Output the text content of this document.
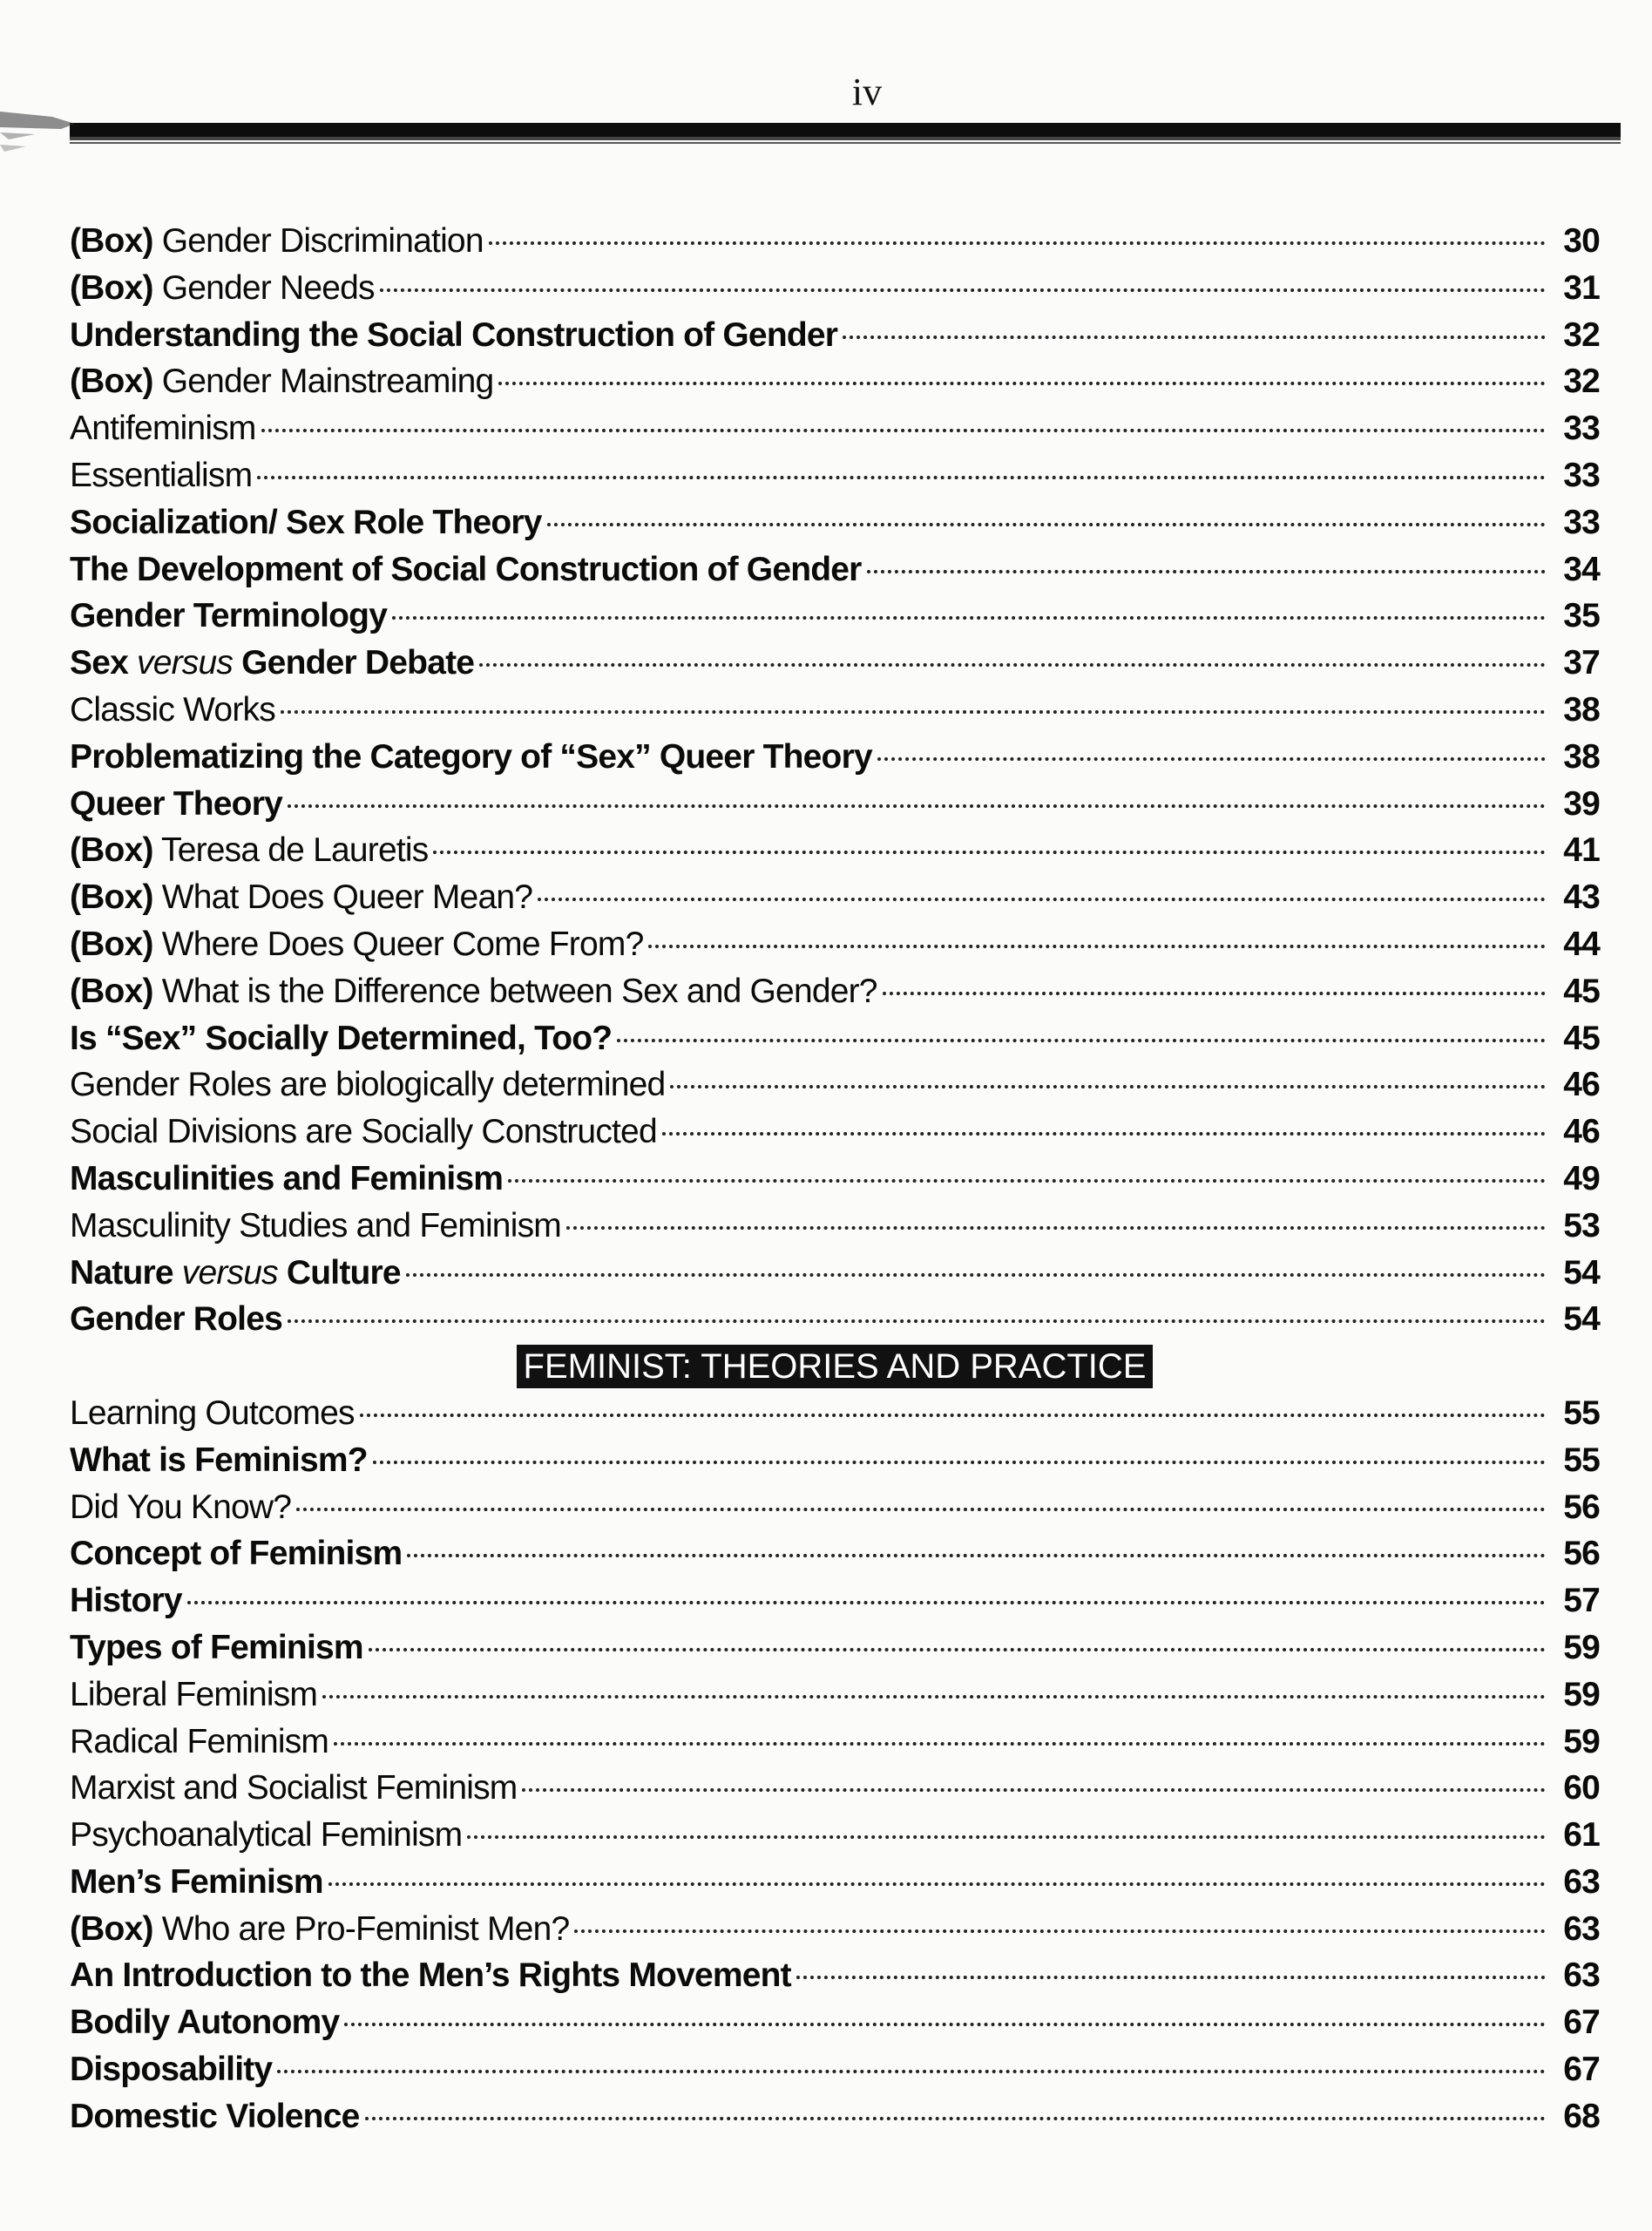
iv
(Box) Gender Discrimination	30
(Box) Gender Needs	31
Understanding the Social Construction of Gender	32
(Box) Gender Mainstreaming	32
Antifeminism	33
Essentialism	33
Socialization/ Sex Role Theory	33
The Development of Social Construction of Gender	34
Gender Terminology	35
Sex versus Gender Debate	37
Classic Works	38
Problematizing the Category of “Sex” Queer Theory	38
Queer Theory	39
(Box) Teresa de Lauretis	41
(Box) What Does Queer Mean?	43
(Box) Where Does Queer Come From?	44
(Box) What is the Difference between Sex and Gender?	45
Is “Sex” Socially Determined, Too?	45
Gender Roles are biologically determined	46
Social Divisions are Socially Constructed	46
Masculinities and Feminism	49
Masculinity Studies and Feminism	53
Nature versus Culture	54
Gender Roles	54
FEMINIST: THEORIES AND PRACTICE
Learning Outcomes	55
What is Feminism?	55
Did You Know?	56
Concept of Feminism	56
History	57
Types of Feminism	59
Liberal Feminism	59
Radical Feminism	59
Marxist and Socialist Feminism	60
Psychoanalytical Feminism	61
Men’s Feminism	63
(Box) Who are Pro-Feminist Men?	63
An Introduction to the Men’s Rights Movement	63
Bodily Autonomy	67
Disposability	67
Domestic Violence	68
